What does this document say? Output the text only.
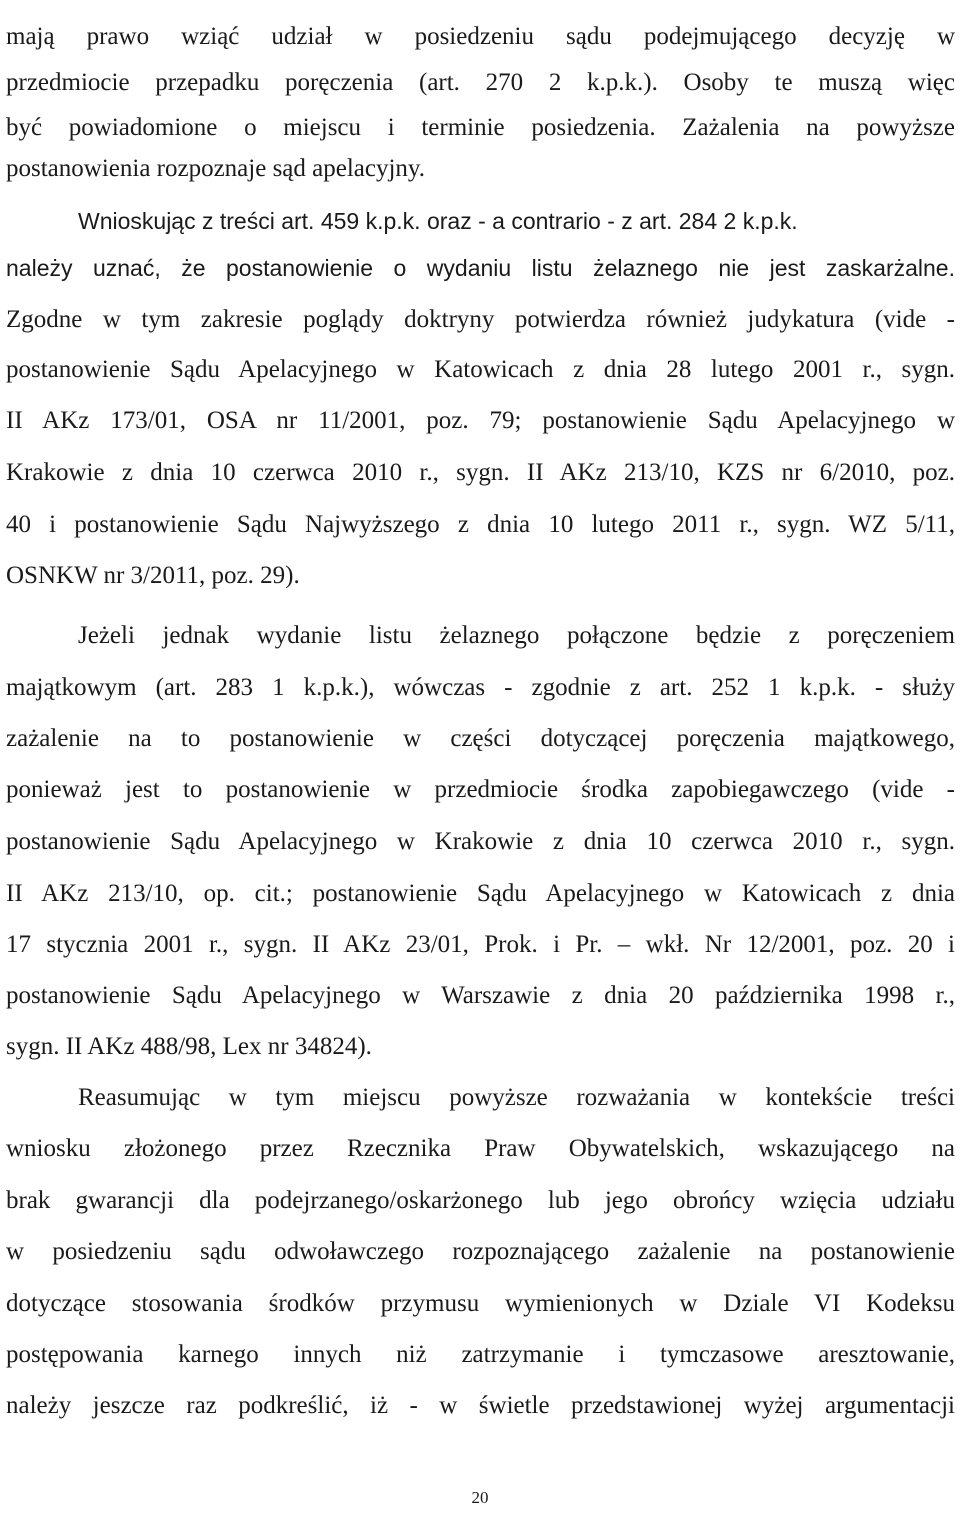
mają prawo wziąć udział w posiedzeniu sądu podejmującego decyzję w
przedmiocie przepadku poręczenia (art. 270 2 k.p.k.). Osoby te muszą więc
być powiadomione o miejscu i terminie posiedzenia. Zażalenia na powyższe
postanowienia rozpoznaje sąd apelacyjny.
Wnioskując z treści art. 459 k.p.k. oraz - a contrario - z art. 284 2 k.p.k.
należy uznać, że postanowienie o wydaniu listu żelaznego nie jest zaskarżalne.
Zgodne w tym zakresie poglądy doktryny potwierdza również judykatura (vide -
postanowienie Sądu Apelacyjnego w Katowicach z dnia 28 lutego 2001 r., sygn.
II AKz 173/01, OSA nr 11/2001, poz. 79; postanowienie Sądu Apelacyjnego w
Krakowie z dnia 10 czerwca 2010 r., sygn. II AKz 213/10, KZS nr 6/2010, poz.
40 i postanowienie Sądu Najwyższego z dnia 10 lutego 2011 r., sygn. WZ 5/11,
OSNKW nr 3/2011, poz. 29).
Jeżeli jednak wydanie listu żelaznego połączone będzie z poręczeniem
majątkowym (art. 283 1 k.p.k.), wówczas - zgodnie z art. 252 1 k.p.k. - służy
zażalenie na to postanowienie w części dotyczącej poręczenia majątkowego,
ponieważ jest to postanowienie w przedmiocie środka zapobiegawczego (vide -
postanowienie Sądu Apelacyjnego w Krakowie z dnia 10 czerwca 2010 r., sygn.
II AKz 213/10, op. cit.; postanowienie Sądu Apelacyjnego w Katowicach z dnia
17 stycznia 2001 r., sygn. II AKz 23/01, Prok. i Pr. – wkł. Nr 12/2001, poz. 20 i
postanowienie Sądu Apelacyjnego w Warszawie z dnia 20 października 1998 r.,
sygn. II AKz 488/98, Lex nr 34824).
Reasumując w tym miejscu powyższe rozważania w kontekście treści
wniosku złożonego przez Rzecznika Praw Obywatelskich, wskazującego na
brak gwarancji dla podejrzanego/oskarżonego lub jego obrońcy wzięcia udziału
w posiedzeniu sądu odwoławczego rozpoznającego zażalenie na postanowienie
dotyczące stosowania środków przymusu wymienionych w Dziale VI Kodeksu
postępowania karnego innych niż zatrzymanie i tymczasowe aresztowanie,
należy jeszcze raz podkreślić, iż - w świetle przedstawionej wyżej argumentacji
20
